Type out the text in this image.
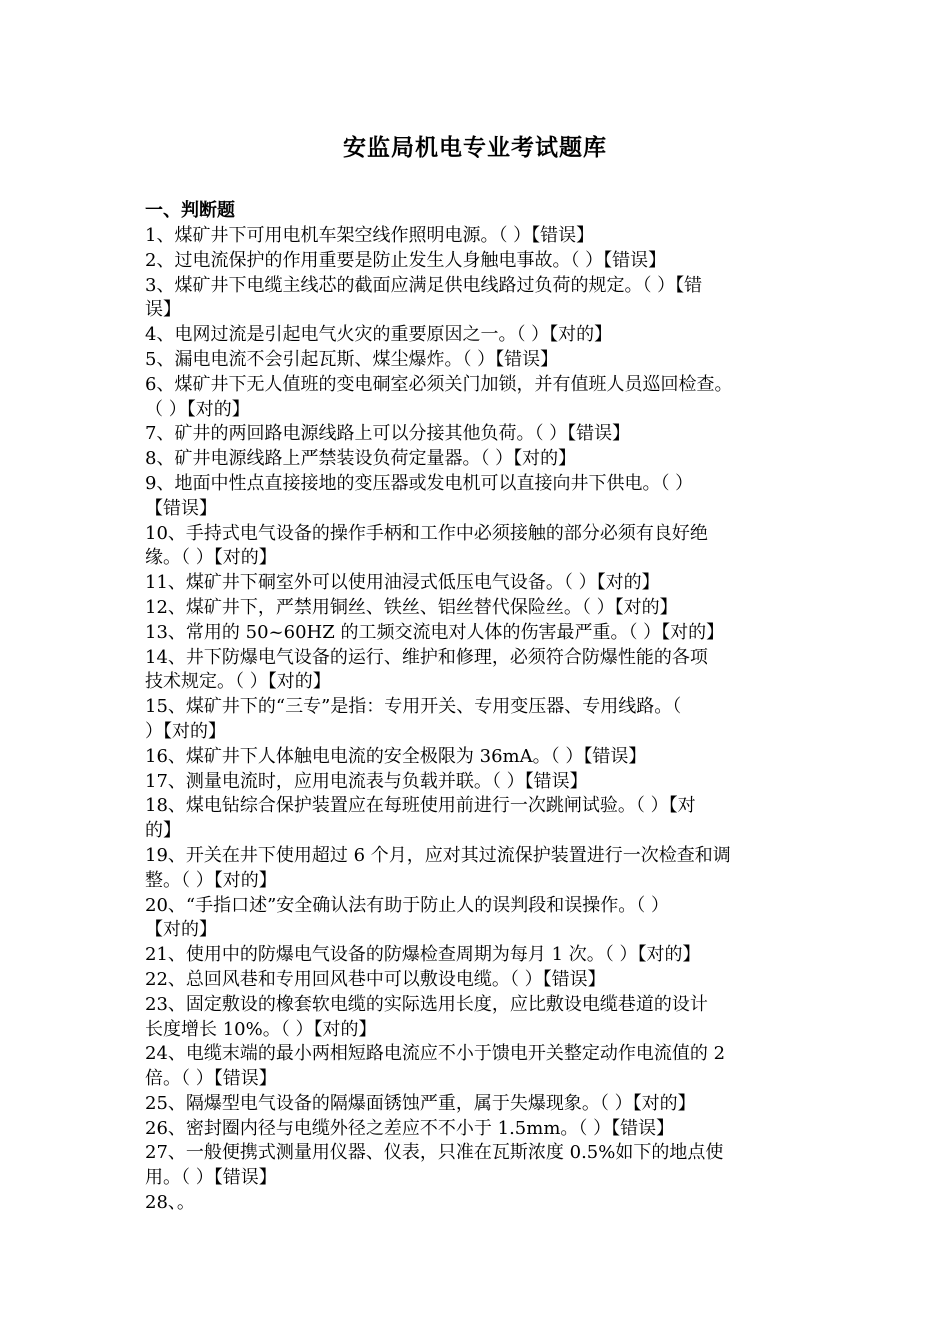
安监局机电专业考试题库
一、判断题
1、煤矿井下可用电机车架空线作照明电源。（ ）【错误】
2、过电流保护的作用重要是防止发生人身触电事故。（ ）【错误】
3、煤矿井下电缆主线芯的截面应满足供电线路过负荷的规定。（ ）【错
误】
4、电网过流是引起电气火灾的重要原因之一。（ ）【对的】
5、漏电电流不会引起瓦斯、煤尘爆炸。（ ）【错误】
6、煤矿井下无人值班的变电硐室必须关门加锁，并有值班人员巡回检查。
（ ）【对的】
7、矿井的两回路电源线路上可以分接其他负荷。（ ）【错误】
8、矿井电源线路上严禁装设负荷定量器。（ ）【对的】
9、地面中性点直接接地的变压器或发电机可以直接向井下供电。（ ）
【错误】
10、手持式电气设备的操作手柄和工作中必须接触的部分必须有良好绝
缘。（ ）【对的】
11、煤矿井下硐室外可以使用油浸式低压电气设备。（ ）【对的】
12、煤矿井下，严禁用铜丝、铁丝、铝丝替代保险丝。（ ）【对的】
13、常用的 50~60HZ 的工频交流电对人体的伤害最严重。（ ）【对的】
14、井下防爆电气设备的运行、维护和修理，必须符合防爆性能的各项
技术规定。（ ）【对的】
15、煤矿井下的“三专”是指：专用开关、专用变压器、专用线路。（
）【对的】
16、煤矿井下人体触电电流的安全极限为 36mA。（ ）【错误】
17、测量电流时，应用电流表与负载并联。（ ）【错误】
18、煤电钻综合保护装置应在每班使用前进行一次跳闸试验。（ ）【对
的】
19、开关在井下使用超过 6 个月，应对其过流保护装置进行一次检查和调
整。（ ）【对的】
20、“手指口述”安全确认法有助于防止人的误判段和误操作。（ ）
【对的】
21、使用中的防爆电气设备的防爆检查周期为每月 1 次。（ ）【对的】
22、总回风巷和专用回风巷中可以敷设电缆。（ ）【错误】
23、固定敷设的橡套软电缆的实际选用长度，应比敷设电缆巷道的设计
长度增长 10%。（ ）【对的】
24、电缆末端的最小两相短路电流应不小于馈电开关整定动作电流值的 2
倍。（ ）【错误】
25、隔爆型电气设备的隔爆面锈蚀严重，属于失爆现象。（ ）【对的】
26、密封圈内径与电缆外径之差应不不小于 1.5mm。（ ）【错误】
27、一般便携式测量用仪器、仪表，只准在瓦斯浓度 0.5%如下的地点使
用。（ ）【错误】
28、。
